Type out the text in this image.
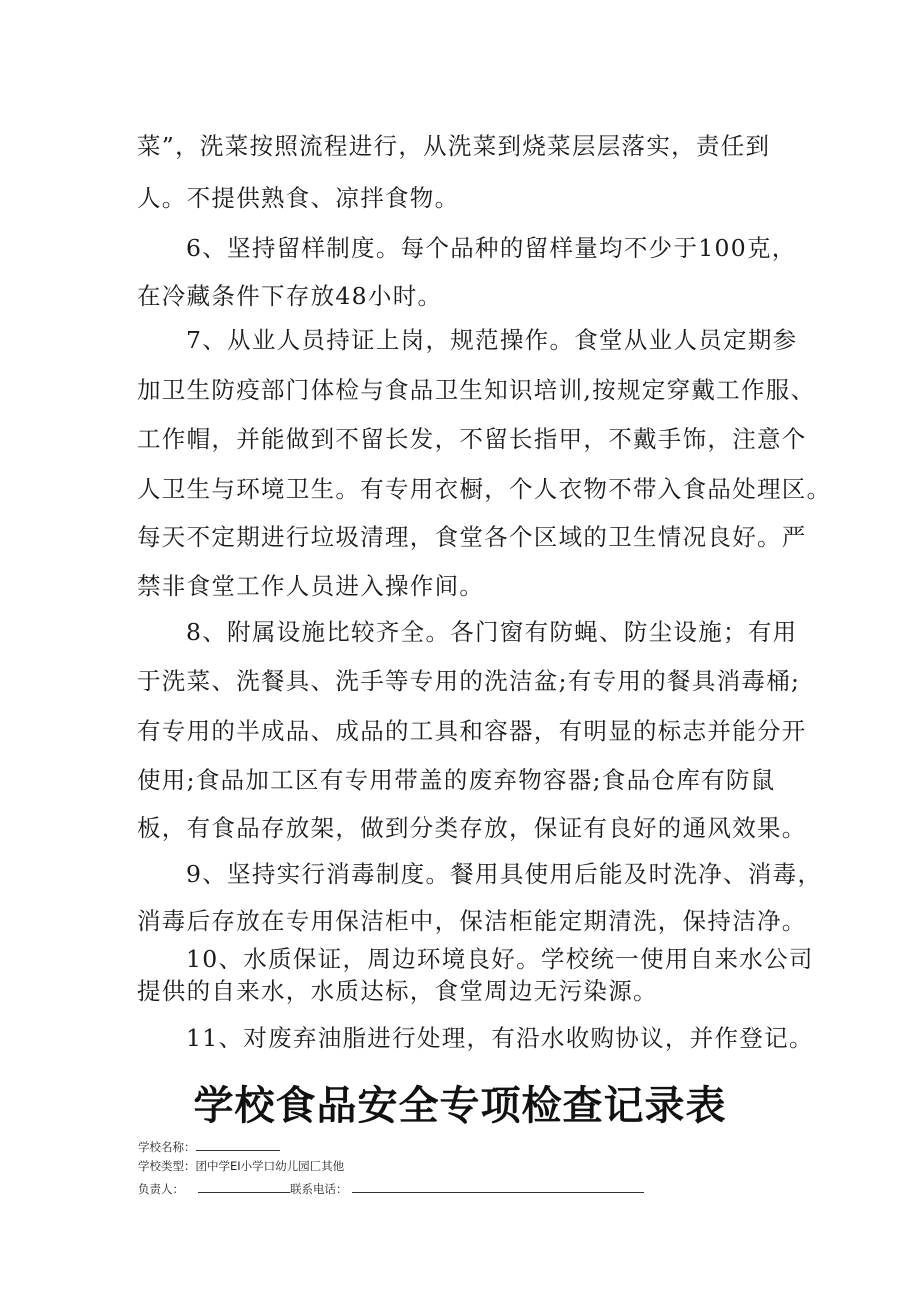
菜”，洗菜按照流程进行，从洗菜到烧菜层层落实，责任到

人。不提供熟食、凉拌食物。

6、坚持留样制度。每个品种的留样量均不少于100克，

在冷藏条件下存放48小时。

7、从业人员持证上岗，规范操作。食堂从业人员定期参

加卫生防疫部门体检与食品卫生知识培训,按规定穿戴工作服、

工作帽，并能做到不留长发，不留长指甲，不戴手饰，注意个

人卫生与环境卫生。有专用衣橱，个人衣物不带入食品处理区。

每天不定期进行垃圾清理，食堂各个区域的卫生情况良好。严

禁非食堂工作人员进入操作间。

8、附属设施比较齐全。各门窗有防蝇、防尘设施；有用

于洗菜、洗餐具、洗手等专用的洗洁盆;有专用的餐具消毒桶;

有专用的半成品、成品的工具和容器，有明显的标志并能分开

使用;食品加工区有专用带盖的废弃物容器;食品仓库有防鼠

板，有食品存放架，做到分类存放，保证有良好的通风效果。

9、坚持实行消毒制度。餐用具使用后能及时洗净、消毒，

消毒后存放在专用保洁柜中，保洁柜能定期清洗，保持洁净。

10、水质保证，周边环境良好。学校统一使用自来水公司

提供的自来水，水质达标，食堂周边无污染源。

11、对废弃油脂进行处理，有沿水收购协议，并作登记。

学校食品安全专项检查记录表
学校名称：
学校类型：团中学EI小学口幼儿园匚其他
负责人：	联系电话：
